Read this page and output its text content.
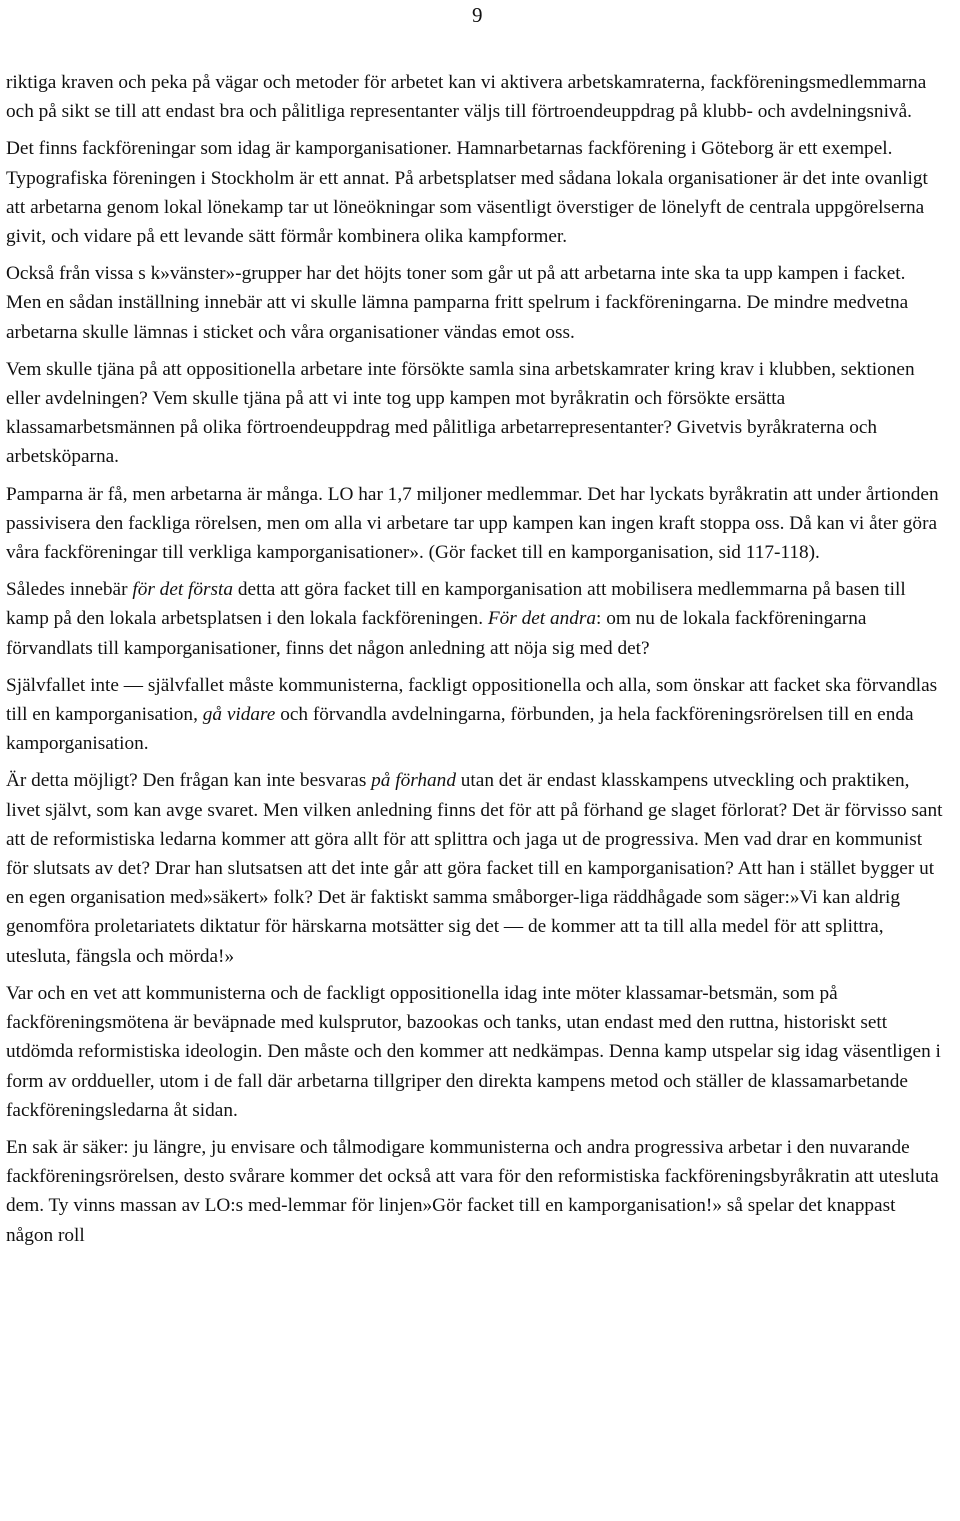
9

riktiga kraven och peka på vägar och metoder för arbetet kan vi aktivera arbetskamraterna, fackföreningsmedlemmarna och på sikt se till att endast bra och pålitliga representanter väljs till förtroendeuppdrag på klubb- och avdelningsnivå.

Det finns fackföreningar som idag är kamporganisationer. Hamnarbetarnas fackförening i Göteborg är ett exempel. Typografiska föreningen i Stockholm är ett annat. På arbetsplatser med sådana lokala organisationer är det inte ovanligt att arbetarna genom lokal lönekamp tar ut löneökningar som väsentligt överstiger de lönelyft de centrala uppgörelserna givit, och vidare på ett levande sätt förmår kombinera olika kampformer.

Också från vissa s k»vänster»-grupper har det höjts toner som går ut på att arbetarna inte ska ta upp kampen i facket. Men en sådan inställning innebär att vi skulle lämna pamparna fritt spelrum i fackföreningarna. De mindre medvetna arbetarna skulle lämnas i sticket och våra organisationer vändas emot oss.

Vem skulle tjäna på att oppositionella arbetare inte försökte samla sina arbetskamrater kring krav i klubben, sektionen eller avdelningen? Vem skulle tjäna på att vi inte tog upp kampen mot byråkratin och försökte ersätta klassamarbetsmännen på olika förtroendeuppdrag med pålitliga arbetarrepresentanter? Givetvis byråkraterna och arbetsköparna.

Pamparna är få, men arbetarna är många. LO har 1,7 miljoner medlemmar. Det har lyckats byråkratin att under årtionden passivisera den fackliga rörelsen, men om alla vi arbetare tar upp kampen kan ingen kraft stoppa oss. Då kan vi åter göra våra fackföreningar till verkliga kamporganisationer». (Gör facket till en kamporganisation, sid 117-118).

Således innebär för det första detta att göra facket till en kamporganisation att mobilisera medlemmarna på basen till kamp på den lokala arbetsplatsen i den lokala fackföreningen. För det andra: om nu de lokala fackföreningarna förvandlats till kamporganisationer, finns det någon anledning att nöja sig med det?

Självfallet inte — självfallet måste kommunisterna, fackligt oppositionella och alla, som önskar att facket ska förvandlas till en kamporganisation, gå vidare och förvandla avdelningarna, förbunden, ja hela fackföreningsrörelsen till en enda kamporganisation.

Är detta möjligt? Den frågan kan inte besvaras på förhand utan det är endast klasskampens utveckling och praktiken, livet självt, som kan avge svaret. Men vilken anledning finns det för att på förhand ge slaget förlorat? Det är förvisso sant att de reformistiska ledarna kommer att göra allt för att splittra och jaga ut de progressiva. Men vad drar en kommunist för slutsats av det? Drar han slutsatsen att det inte går att göra facket till en kamporganisation? Att han i stället bygger ut en egen organisation med»säkert» folk? Det är faktiskt samma småborger-liga räddhågade som säger:»Vi kan aldrig genomföra proletariatets diktatur för härskarna motsätter sig det — de kommer att ta till alla medel för att splittra, utesluta, fängsla och mörda!»

Var och en vet att kommunisterna och de fackligt oppositionella idag inte möter klassamar-betsmän, som på fackföreningsmötena är beväpnade med kulsprutor, bazookas och tanks, utan endast med den ruttna, historiskt sett utdömda reformistiska ideologin. Den måste och den kommer att nedkämpas. Denna kamp utspelar sig idag väsentligen i form av orddueller, utom i de fall där arbetarna tillgriper den direkta kampens metod och ställer de klassamarbetande fackföreningsledarna åt sidan.

En sak är säker: ju längre, ju envisare och tålmodigare kommunisterna och andra progressiva arbetar i den nuvarande fackföreningsrörelsen, desto svårare kommer det också att vara för den reformistiska fackföreningsbyråkratin att utesluta dem. Ty vinns massan av LO:s med-lemmar för linjen»Gör facket till en kamporganisation!» så spelar det knappast någon roll
